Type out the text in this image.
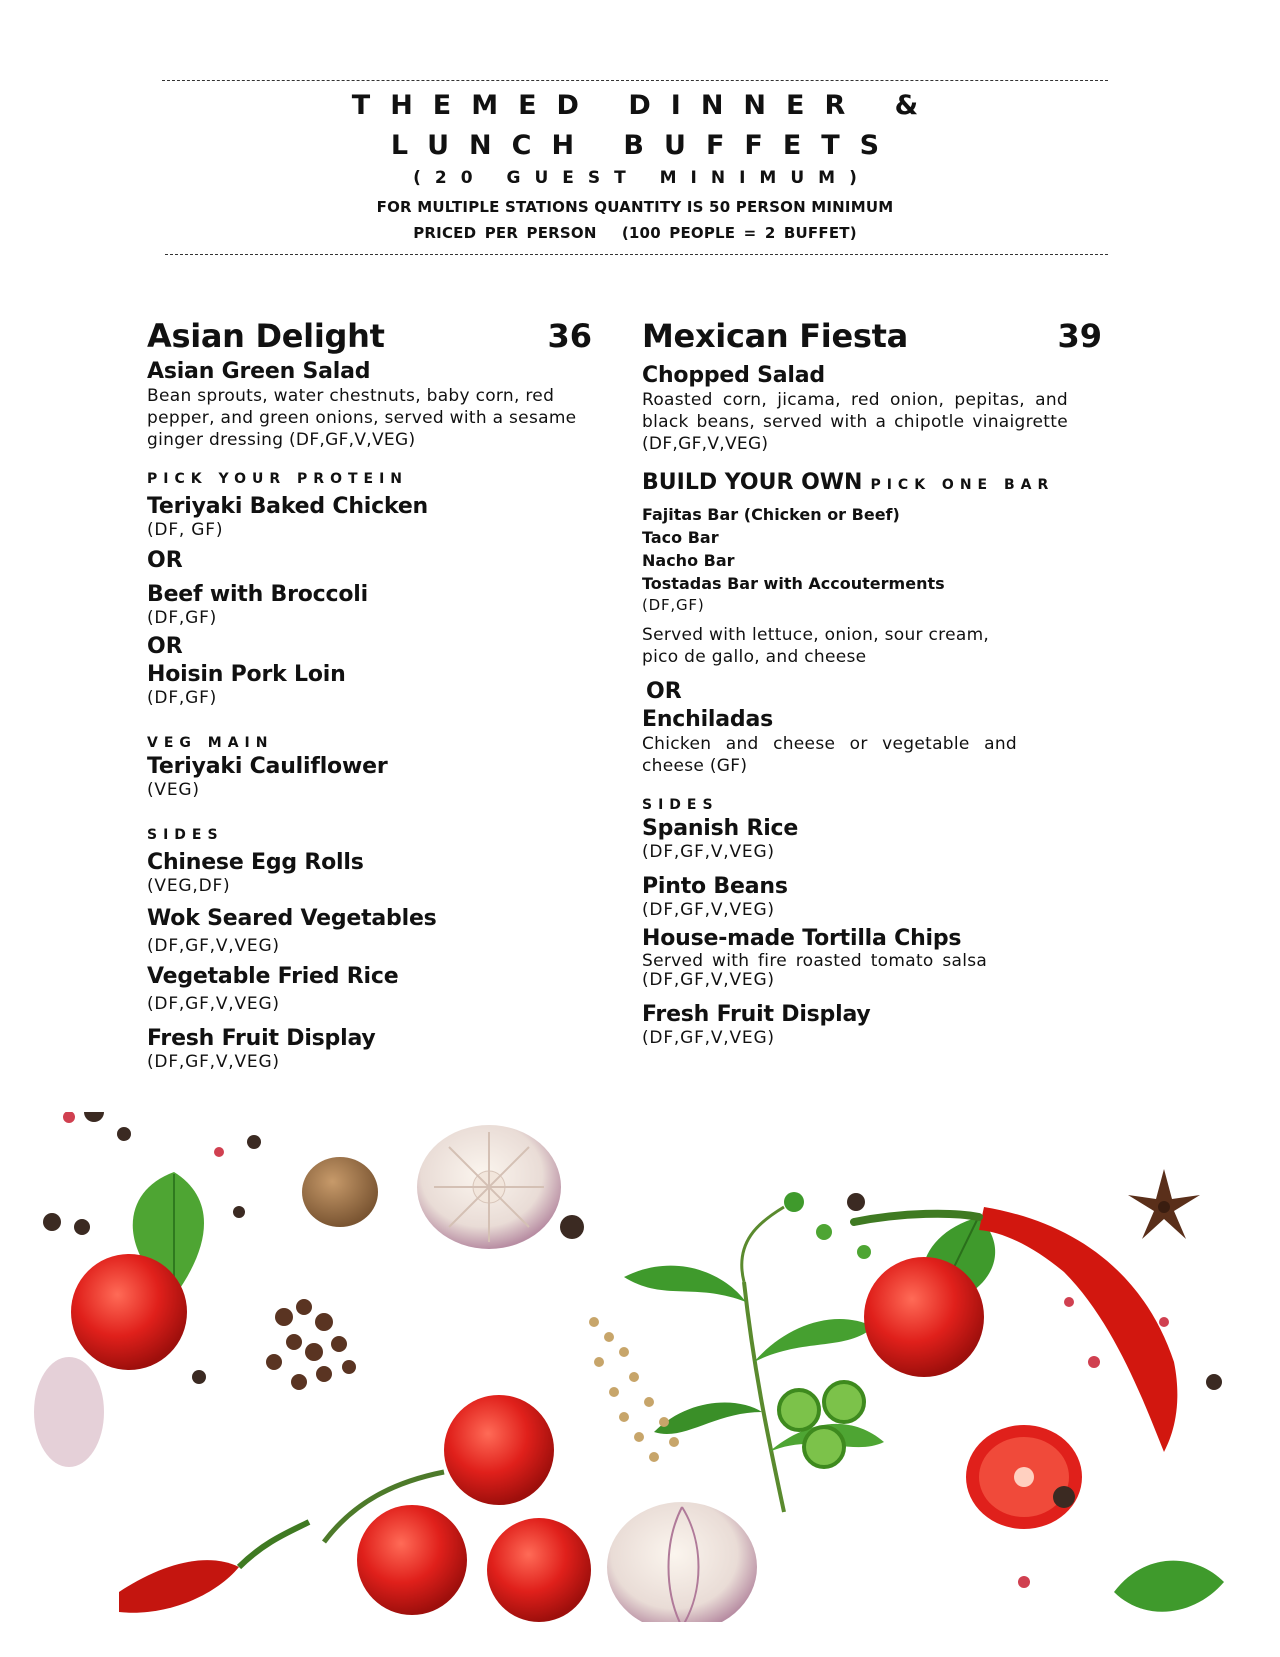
THEMED DINNER &
LUNCH BUFFETS
(20 GUEST MINIMUM)
FOR MULTIPLE STATIONS QUANTITY IS 50 PERSON MINIMUM
PRICED PER PERSON   (100 PEOPLE = 2 BUFFET)
Asian Delight	36
Asian Green Salad
Bean sprouts, water chestnuts, baby corn, red pepper, and green onions, served with a sesame ginger dressing (DF,GF,V,VEG)
PICK YOUR PROTEIN
Teriyaki Baked Chicken
(DF, GF)
OR
Beef with Broccoli
(DF,GF)
OR
Hoisin Pork Loin
(DF,GF)
VEG MAIN
Teriyaki Cauliflower
(VEG)
SIDES
Chinese Egg Rolls
(VEG,DF)
Wok Seared Vegetables
(DF,GF,V,VEG)
Vegetable Fried Rice
(DF,GF,V,VEG)
Fresh Fruit Display
(DF,GF,V,VEG)
Mexican Fiesta	39
Chopped Salad
Roasted corn, jicama, red onion, pepitas, and black beans, served with a chipotle vinaigrette (DF,GF,V,VEG)
BUILD YOUR OWN PICK ONE BAR
Fajitas Bar (Chicken or Beef)
Taco Bar
Nacho Bar
Tostadas Bar with Accouterments
(DF,GF)
Served with lettuce, onion, sour cream, pico de gallo, and cheese
OR
Enchiladas
Chicken and cheese or vegetable and cheese (GF)
SIDES
Spanish Rice
(DF,GF,V,VEG)
Pinto Beans
(DF,GF,V,VEG)
House-made Tortilla Chips
Served with fire roasted tomato salsa
(DF,GF,V,VEG)
Fresh Fruit Display
(DF,GF,V,VEG)
